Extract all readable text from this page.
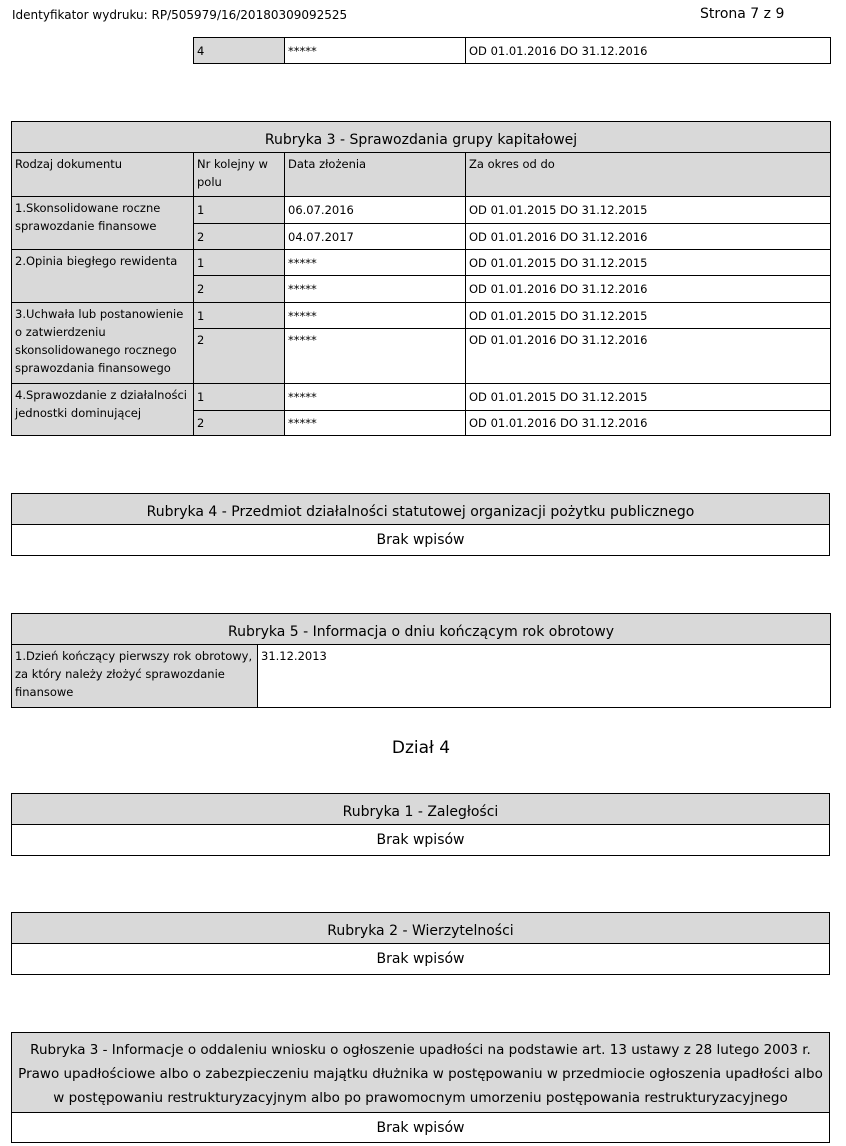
Identyfikator wydruku: RP/505979/16/20180309092525	Strona 7 z 9
4	*****	OD 01.01.2016 DO 31.12.2016
Rubryka 3 - Sprawozdania grupy kapitałowej			
Rodzaj dokumentu	Nr kolejny w polu	Data złożenia	Za okres od do
1.Skonsolidowane roczne sprawozdanie finansowe	1	06.07.2016	OD 01.01.2015 DO 31.12.2015
	2	04.07.2017	OD 01.01.2016 DO 31.12.2016
2.Opinia biegłego rewidenta	1	*****	OD 01.01.2015 DO 31.12.2015
	2	*****	OD 01.01.2016 DO 31.12.2016
3.Uchwała lub postanowienie o zatwierdzeniu skonsolidowanego rocznego sprawozdania finansowego	1	*****	OD 01.01.2015 DO 31.12.2015
	2	*****	OD 01.01.2016 DO 31.12.2016
4.Sprawozdanie z działalności jednostki dominującej	1	*****	OD 01.01.2015 DO 31.12.2015
	2	*****	OD 01.01.2016 DO 31.12.2016
Rubryka 4 - Przedmiot działalności statutowej organizacji pożytku publicznego
Brak wpisów
Rubryka 5 - Informacja o dniu kończącym rok obrotowy
1.Dzień kończący pierwszy rok obrotowy, za który należy złożyć sprawozdanie finansowe	31.12.2013
Dział 4
Rubryka 1 - Zaległości
Brak wpisów
Rubryka 2 - Wierzytelności
Brak wpisów
Rubryka 3 - Informacje o oddaleniu wniosku o ogłoszenie upadłości na podstawie art. 13 ustawy z 28 lutego 2003 r. Prawo upadłościowe albo o zabezpieczeniu majątku dłużnika w postępowaniu w przedmiocie ogłoszenia upadłości albo w postępowaniu restrukturyzacyjnym albo po prawomocnym umorzeniu postępowania restrukturyzacyjnego
Brak wpisów
